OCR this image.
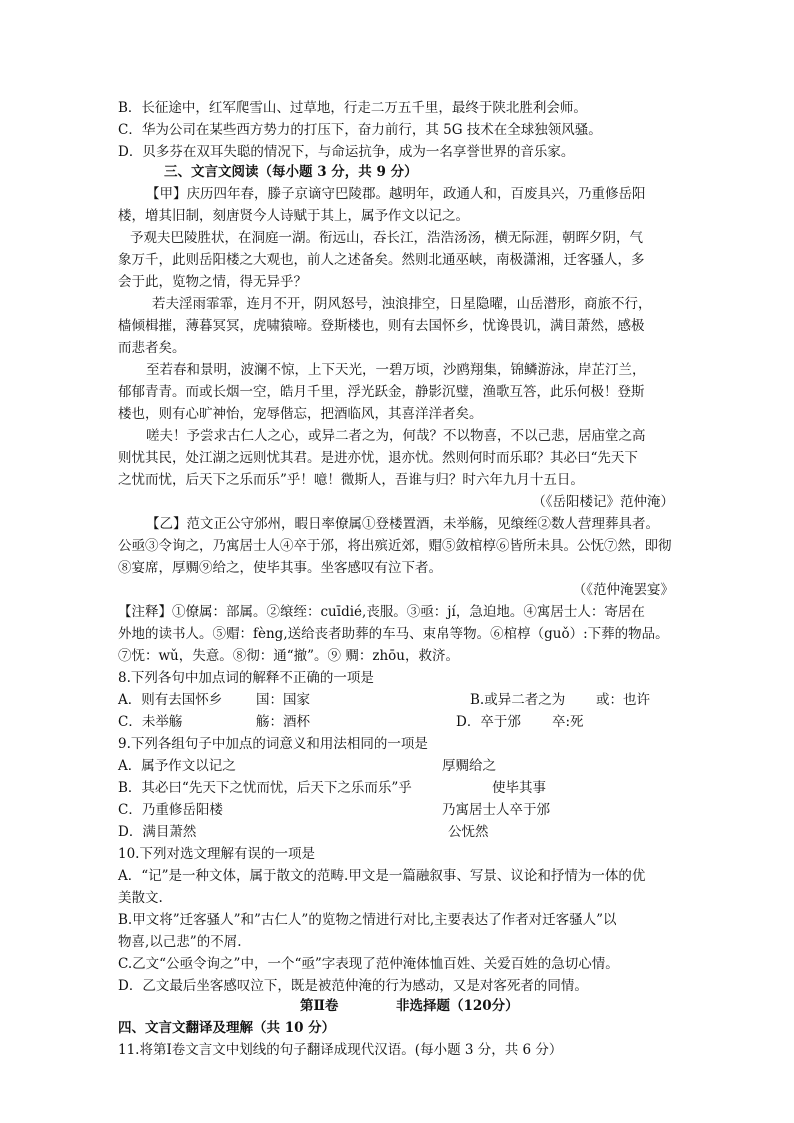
B．长征途中，红军爬雪山、过草地，行走二万五千里，最终于陕北胜利会师。
C．华为公司在某些西方势力的打压下，奋力前行，其 5G 技术在全球独领风骚。
D．贝多芬在双耳失聪的情况下，与命运抗争，成为一名享誉世界的音乐家。
三、文言文阅读（每小题 3 分，共 9 分）
【甲】庆历四年春，滕子京谪守巴陵郡。越明年，政通人和，百废具兴，乃重修岳阳
楼，增其旧制，刻唐贤今人诗赋于其上，属予作文以记之。
予观夫巴陵胜状，在洞庭一湖。衔远山，吞长江，浩浩汤汤，横无际涯，朝晖夕阴，气
象万千，此则岳阳楼之大观也，前人之述备矣。然则北通巫峡，南极潇湘，迁客骚人，多
会于此，览物之情，得无异乎？
若夫淫雨霏霏，连月不开，阴风怒号，浊浪排空，日星隐曜，山岳潜形，商旅不行，
樯倾楫摧，薄暮冥冥，虎啸猿啼。登斯楼也，则有去国怀乡，忧谗畏讥，满目萧然，感极
而悲者矣。
至若春和景明，波澜不惊，上下天光，一碧万顷，沙鸥翔集，锦鳞游泳，岸芷汀兰，
郁郁青青。而或长烟一空，皓月千里，浮光跃金，静影沉璧，渔歌互答，此乐何极！登斯
楼也，则有心旷神怡，宠辱偕忘，把酒临风，其喜洋洋者矣。
嗟夫！予尝求古仁人之心，或异二者之为，何哉？不以物喜，不以己悲，居庙堂之高
则忧其民，处江湖之远则忧其君。是进亦忧，退亦忧。然则何时而乐耶？其必曰“先天下
之忧而忧，后天下之乐而乐”乎！噫！微斯人，吾谁与归？时六年九月十五日。
（《岳阳楼记》范仲淹）
【乙】范文正公守邠州，暇日率僚属①登楼置酒，未举觞，见缞绖②数人营理葬具者。
公亟③令询之，乃寓居士人④卒于邠，将出殡近郊，赗⑤敛棺椁⑥皆所未具。公怃⑦然，即彻
⑧宴席，厚赒⑨给之，使毕其事。坐客感叹有泣下者。
（《范仲淹罢宴》
【注释】①僚属：部属。②缞绖：cuīdié,丧服。③亟：jí，急迫地。④寓居士人：寄居在
外地的读书人。⑤赗：fèng,送给丧者助葬的车马、束帛等物。⑥棺椁（guǒ）:下葬的物品。
⑦怃：wǔ，失意。⑧彻：通“撤”。⑨ 赒：zhōu，救济。
8.下列各句中加点词的解释不正确的一项是
A．则有去国怀乡	国：国家	B.或异二者之为 或：也许
C．未举觞	觞：酒杯	D．卒于邠 卒:死
9.下列各组句子中加点的词意义和用法相同的一项是
A．属予作文以记之	厚赒给之
B．其必曰“先天下之忧而忧，后天下之乐而乐”乎	使毕其事
C．乃重修岳阳楼	乃寓居士人卒于邠
D．满目萧然	公怃然
10.下列对选文理解有误的一项是
A．“记”是一种文体，属于散文的范畴.甲文是一篇融叙事、写景、议论和抒情为一体的优
美散文.
B.甲文将”迁客骚人”和”古仁人”的览物之情进行对比,主要表达了作者对迁客骚人”以
物喜,以己悲”的不屑.
C.乙文“公亟令询之”中，一个“亟”字表现了范仲淹体恤百姓、关爱百姓的急切心情。
D．乙文最后坐客感叹泣下，既是被范仲淹的行为感动，又是对客死者的同情。
第Ⅱ卷	非选择题（120分）
四、文言文翻译及理解（共 10 分）
11.将第Ⅰ卷文言文中划线的句子翻译成现代汉语。(每小题 3 分，共 6 分）
